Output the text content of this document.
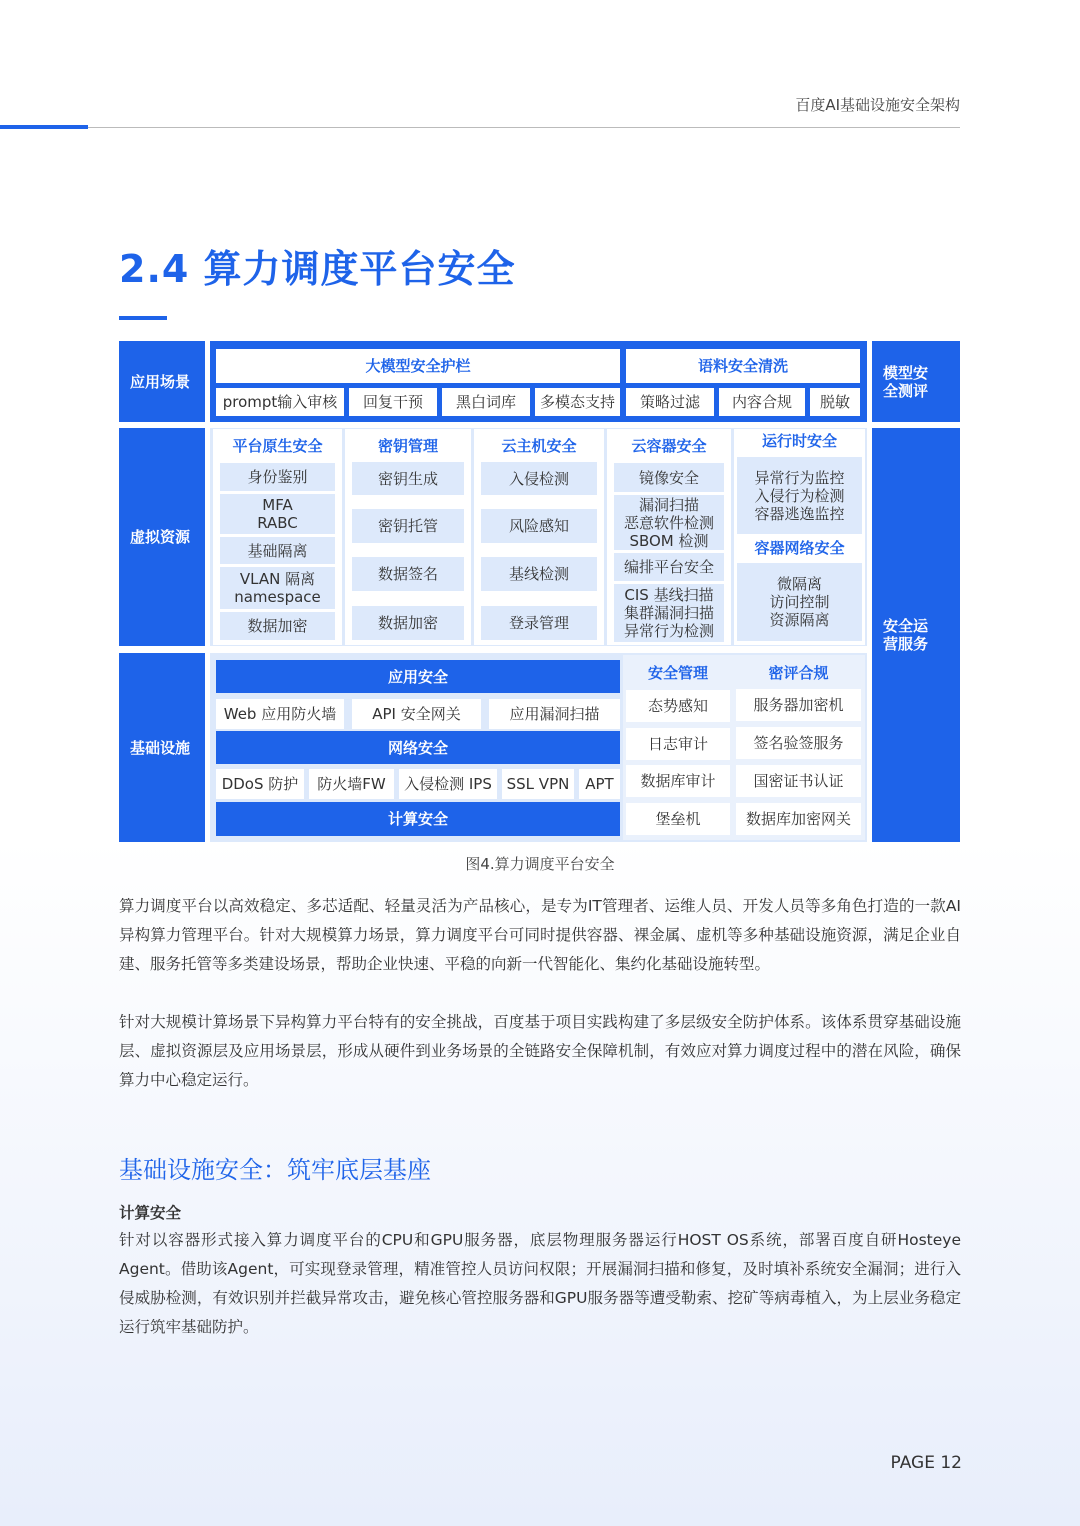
百度AI基础设施安全架构
2.4 算力调度平台安全
应用场景
虚拟资源
基础设施
模型安
全测评
安全运
营服务
大模型安全护栏	语料安全清洗
prompt输入审核	回复干预	黑白词库	多模态支持	策略过滤	内容合规	脱敏
平台原生安全
身份鉴别
MFA
RABC
基础隔离
VLAN 隔离
namespace
数据加密
密钥管理
密钥生成
密钥托管
数据签名
数据加密
云主机安全
入侵检测
风险感知
基线检测
登录管理
云容器安全
镜像安全
漏洞扫描
恶意软件检测
SBOM 检测
编排平台安全
CIS 基线扫描
集群漏洞扫描
异常行为检测
运行时安全
异常行为监控
入侵行为检测
容器逃逸监控
容器网络安全
微隔离
访问控制
资源隔离
应用安全
Web 应用防火墙	API 安全网关	应用漏洞扫描
网络安全
DDoS 防护	防火墙FW	入侵检测 IPS SSL VPN	APT
计算安全
安全管理
态势感知
日志审计
数据库审计
堡垒机
密评合规
服务器加密机
签名验签服务
国密证书认证
数据库加密网关
图4.算力调度平台安全
算力调度平台以高效稳定、多芯适配、轻量灵活为产品核心，是专为IT管理者、运维人员、开发人员等多角色打造的一款AI异构算力管理平台。针对大规模算力场景，算力调度平台可同时提供容器、裸金属、虚机等多种基础设施资源，满足企业自建、服务托管等多类建设场景，帮助企业快速、平稳的向新一代智能化、集约化基础设施转型。
针对大规模计算场景下异构算力平台特有的安全挑战，百度基于项目实践构建了多层级安全防护体系。该体系贯穿基础设施层、虚拟资源层及应用场景层，形成从硬件到业务场景的全链路安全保障机制，有效应对算力调度过程中的潜在风险，确保算力中心稳定运行。
基础设施安全：筑牢底层基座
计算安全
针对以容器形式接入算力调度平台的CPU和GPU服务器，底层物理服务器运行HOST OS系统，部署百度自研Hosteye Agent。借助该Agent，可实现登录管理，精准管控人员访问权限；开展漏洞扫描和修复，及时填补系统安全漏洞；进行入侵威胁检测，有效识别并拦截异常攻击，避免核心管控服务器和GPU服务器等遭受勒索、挖矿等病毒植入，为上层业务稳定运行筑牢基础防护。
PAGE 12
